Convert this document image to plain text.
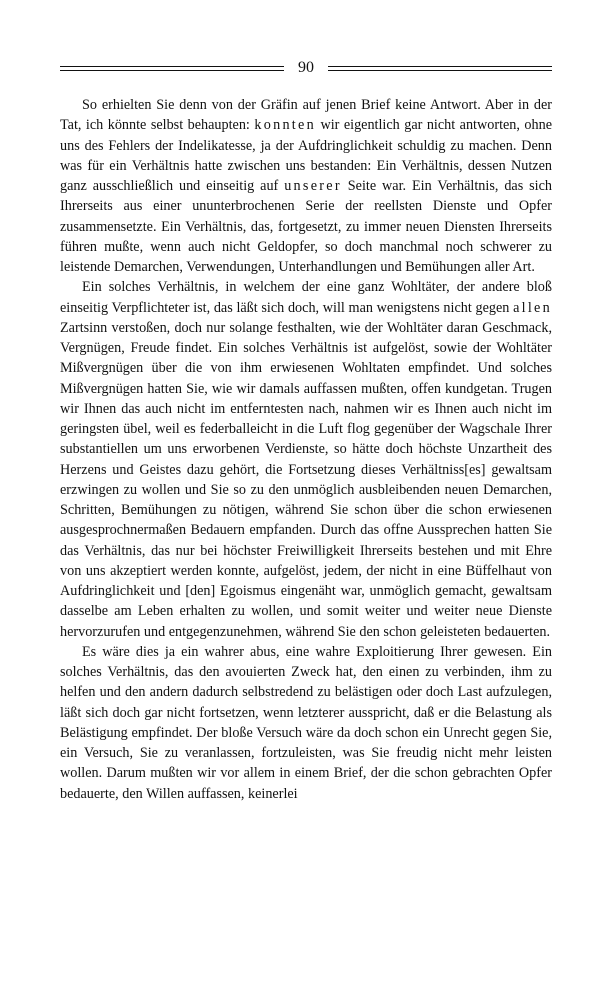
90

So erhielten Sie denn von der Gräfin auf jenen Brief keine Antwort. Aber in der Tat, ich könnte selbst behaupten: konnten wir eigentlich gar nicht antworten, ohne uns des Fehlers der Indelikatesse, ja der Aufdringlichkeit schuldig zu machen. Denn was für ein Verhältnis hatte zwischen uns bestanden: Ein Verhältnis, dessen Nutzen ganz ausschließlich und einseitig auf unserer Seite war. Ein Verhältnis, das sich Ihrerseits aus einer ununterbrochenen Serie der reellsten Dienste und Opfer zusammensetzte. Ein Verhältnis, das, fortgesetzt, zu immer neuen Diensten Ihrerseits führen mußte, wenn auch nicht Geldopfer, so doch manchmal noch schwerer zu leistende Demarchen, Verwendungen, Unterhandlungen und Bemühungen aller Art.

Ein solches Verhältnis, in welchem der eine ganz Wohltäter, der andere bloß einseitig Verpflichteter ist, das läßt sich doch, will man wenigstens nicht gegen allen Zartsinn verstoßen, doch nur solange festhalten, wie der Wohltäter daran Geschmack, Vergnügen, Freude findet. Ein solches Verhältnis ist aufgelöst, sowie der Wohltäter Mißvergnügen über die von ihm erwiesenen Wohltaten empfindet. Und solches Mißvergnügen hatten Sie, wie wir damals auffassen mußten, offen kundgetan. Trugen wir Ihnen das auch nicht im entferntesten nach, nahmen wir es Ihnen auch nicht im geringsten übel, weil es federballeicht in die Luft flog gegenüber der Wagschale Ihrer substantiellen um uns erworbenen Verdienste, so hätte doch höchste Unzartheit des Herzens und Geistes dazu gehört, die Fortsetzung dieses Verhältniss[es] gewaltsam erzwingen zu wollen und Sie so zu den unmöglich ausbleibenden neuen Demarchen, Schritten, Bemühungen zu nötigen, während Sie schon über die schon erwiesenen ausgesprochnermaßen Bedauern empfanden. Durch das offne Aussprechen hatten Sie das Verhältnis, das nur bei höchster Freiwilligkeit Ihrerseits bestehen und mit Ehre von uns akzeptiert werden konnte, aufgelöst, jedem, der nicht in eine Büffelhaut von Aufdringlichkeit und [den] Egoismus eingenäht war, unmöglich gemacht, gewaltsam dasselbe am Leben erhalten zu wollen, und somit weiter und weiter neue Dienste hervorzurufen und entgegenzunehmen, während Sie den schon geleisteten bedauerten.

Es wäre dies ja ein wahrer abus, eine wahre Exploitierung Ihrer gewesen. Ein solches Verhältnis, das den avouierten Zweck hat, den einen zu verbinden, ihm zu helfen und den andern dadurch selbstredend zu belästigen oder doch Last aufzulegen, läßt sich doch gar nicht fortsetzen, wenn letzterer ausspricht, daß er die Belastung als Belästigung empfindet. Der bloße Versuch wäre da doch schon ein Unrecht gegen Sie, ein Versuch, Sie zu veranlassen, fortzuleisten, was Sie freudig nicht mehr leisten wollen. Darum mußten wir vor allem in einem Brief, der die schon gebrachten Opfer bedauerte, den Willen auffassen, keinerlei
